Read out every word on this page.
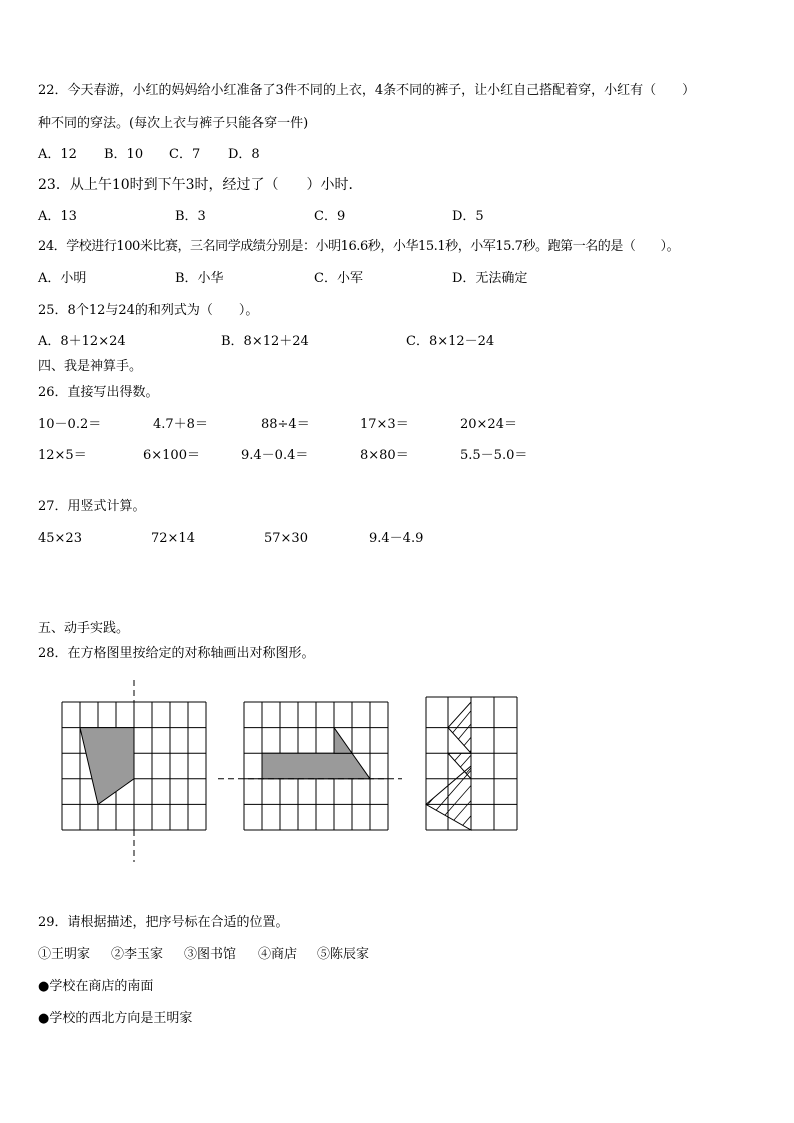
22．今天春游，小红的妈妈给小红准备了3件不同的上衣，4条不同的裤子，让小红自己搭配着穿，小红有（　　）
种不同的穿法。(每次上衣与裤子只能各穿一件)
A．12 B．10 C．7 D．8
23．从上午10时到下午3时，经过了（　　）小时．
A．13	B．3	C．9	D．5
24．学校进行100米比赛，三名同学成绩分别是：小明16.6秒，小华15.1秒，小军15.7秒。跑第一名的是（　　）。
A．小明	B．小华	C．小军	D．无法确定
25．8个12与24的和列式为（　　）。
A．8＋12×24	B．8×12＋24	C．8×12－24
四、我是神算手。
26．直接写出得数。
10－0.2＝	4.7＋8＝	88÷4＝	17×3＝	20×24＝
12×5＝	6×100＝	9.4－0.4＝	8×80＝	5.5－5.0＝
27．用竖式计算。
45×23	72×14	57×30	9.4－4.9
五、动手实践。
28．在方格图里按给定的对称轴画出对称图形。
29．请根据描述，把序号标在合适的位置。
①王明家 ②李玉家 ③图书馆 ④商店 ⑤陈辰家
●学校在商店的南面
●学校的西北方向是王明家
